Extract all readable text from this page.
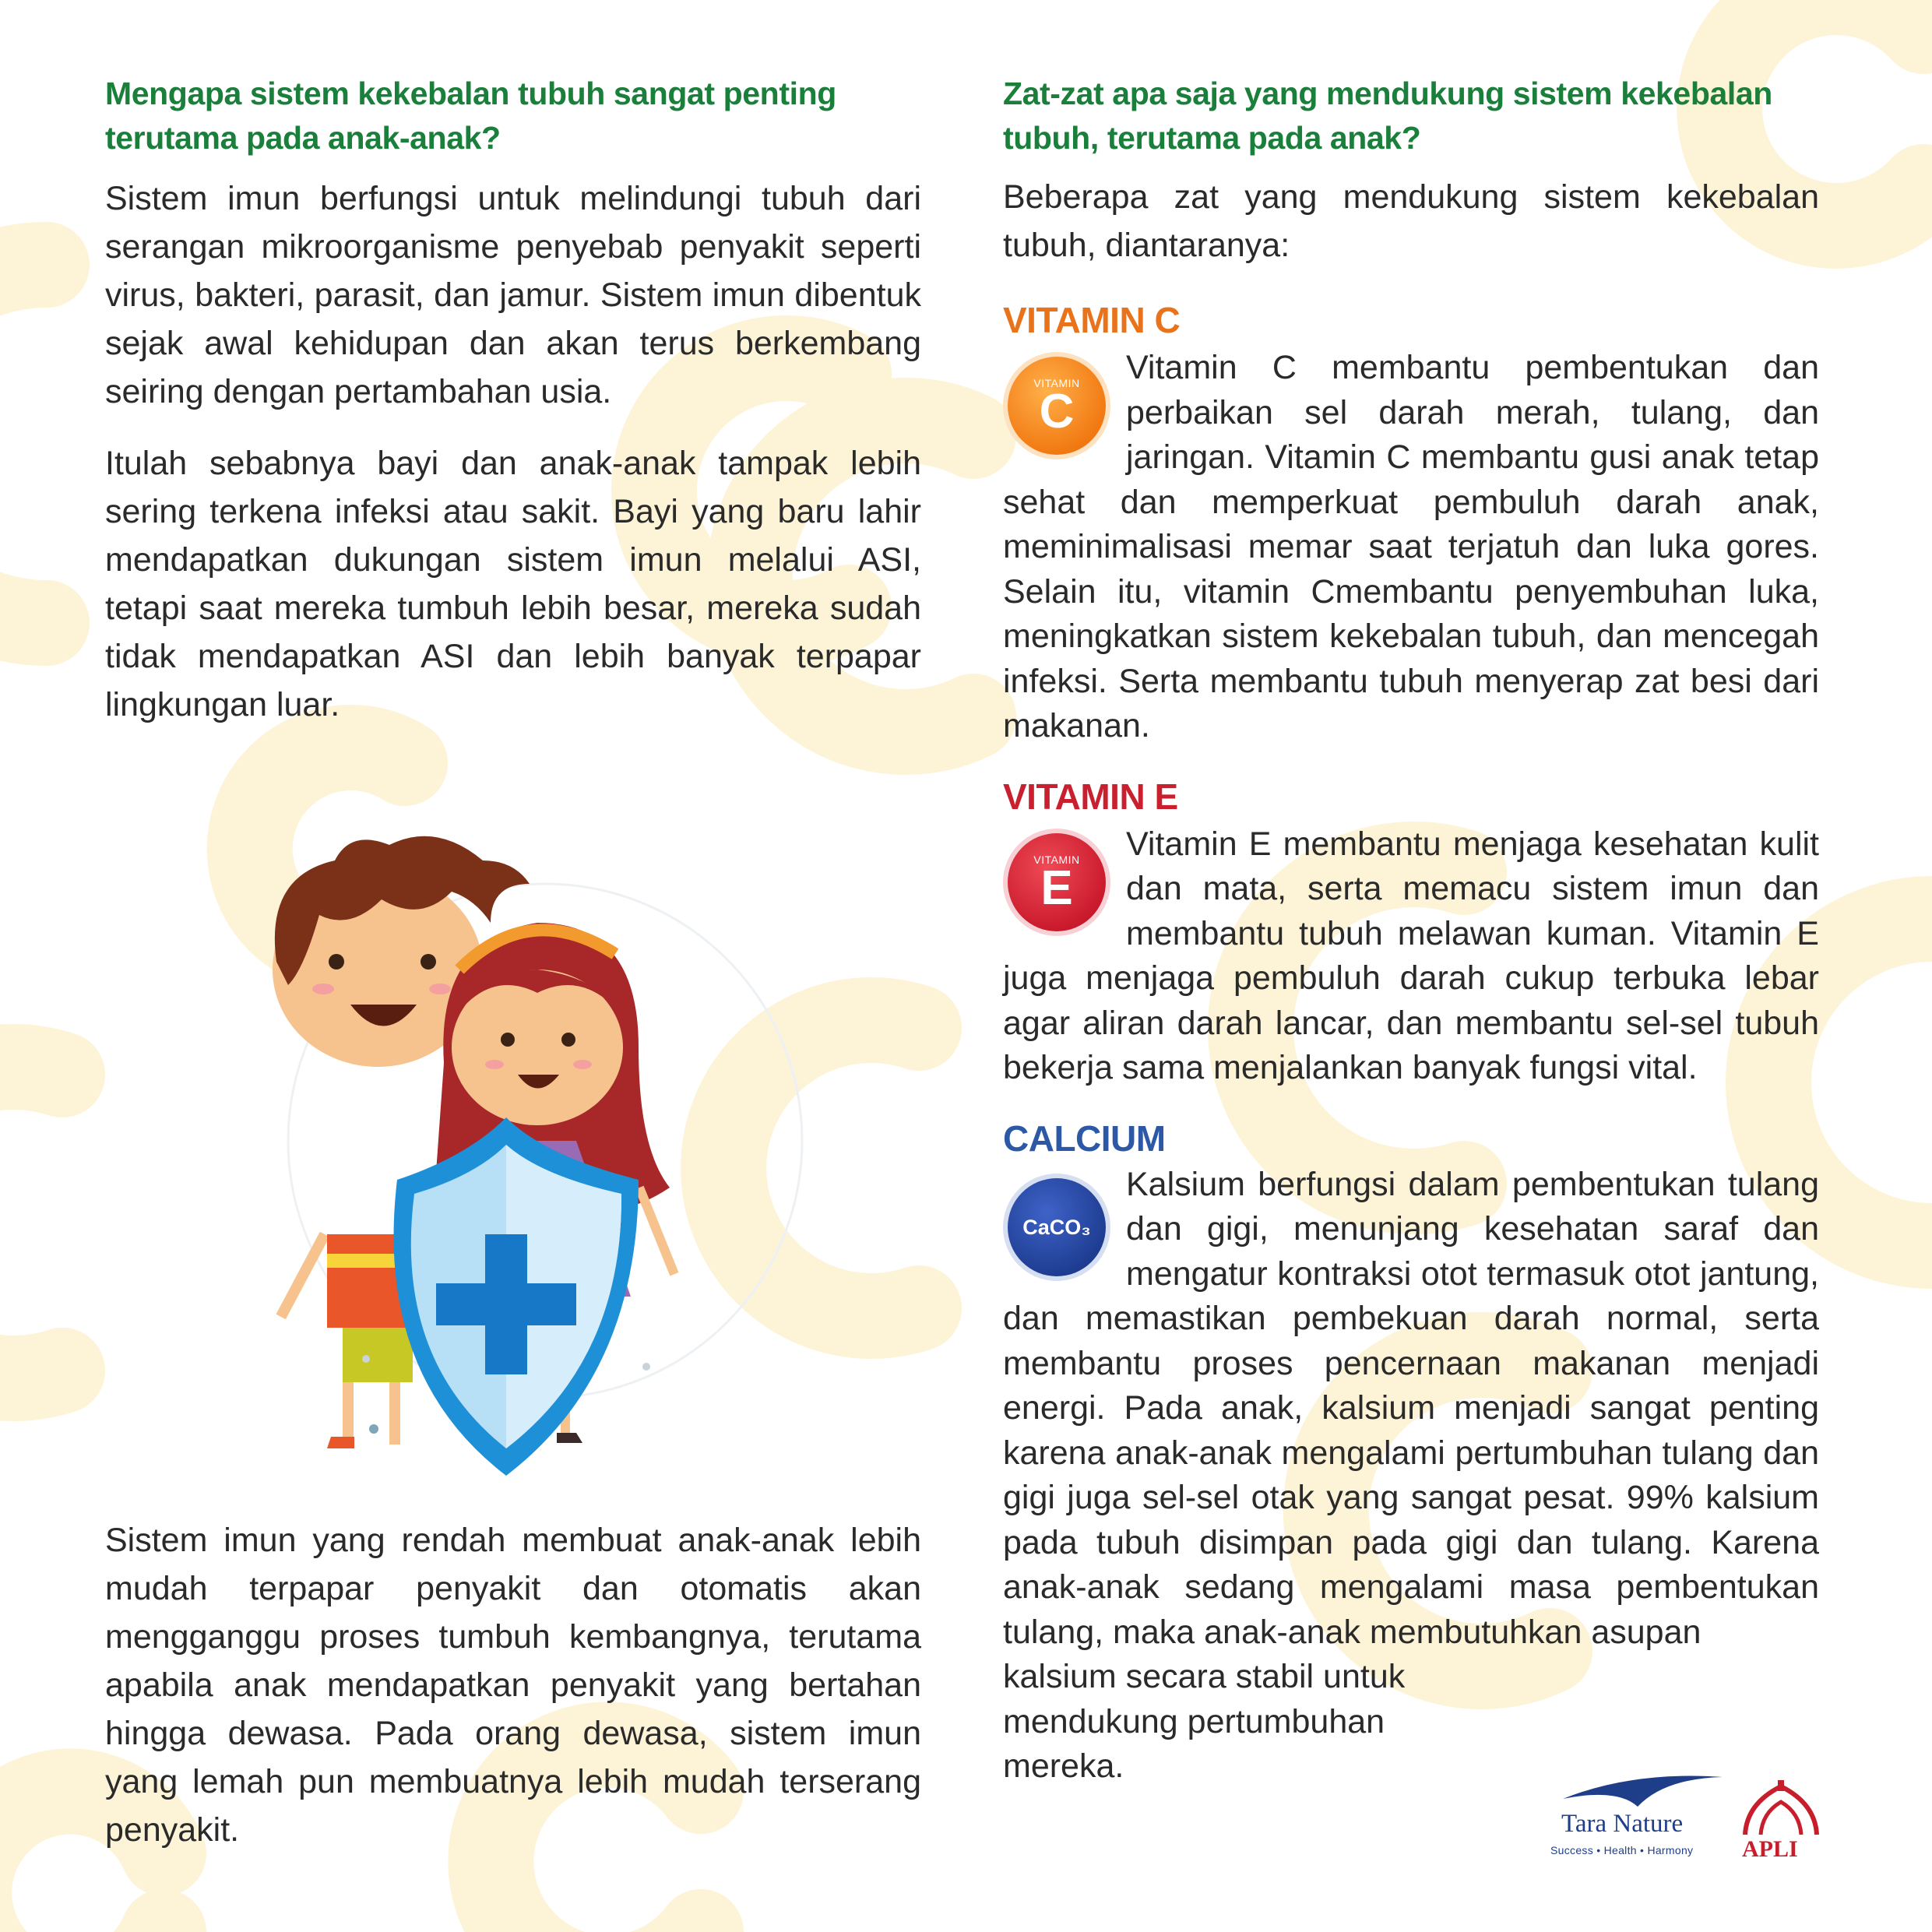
Mengapa sistem kekebalan tubuh sangat penting terutama pada anak-anak?

Sistem imun berfungsi untuk melindungi tubuh dari serangan mikroorganisme penyebab penyakit seperti virus, bakteri, parasit, dan jamur. Sistem imun dibentuk sejak awal kehidupan dan akan terus berkembang seiring dengan pertambahan usia.

Itulah sebabnya bayi dan anak-anak tampak lebih sering terkena infeksi atau sakit. Bayi yang baru lahir mendapatkan dukungan sistem imun melalui ASI, tetapi saat mereka tumbuh lebih besar, mereka sudah tidak mendapatkan ASI dan lebih banyak terpapar lingkungan luar.

Sistem imun yang rendah membuat anak-anak lebih mudah terpapar penyakit dan otomatis akan mengganggu proses tumbuh kembangnya, terutama apabila anak mendapatkan penyakit yang bertahan hingga dewasa. Pada orang dewasa, sistem imun yang lemah pun membuatnya lebih mudah terserang penyakit.

Zat-zat apa saja yang mendukung sistem kekebalan tubuh, terutama pada anak?

Beberapa zat yang mendukung sistem kekebalan tubuh, diantaranya:

VITAMIN C

VITAMIN
C

Vitamin C membantu pembentukan dan perbaikan sel darah merah, tulang, dan jaringan. Vitamin C membantu gusi anak tetap sehat dan memperkuat pembuluh darah anak, meminimalisasi memar saat terjatuh dan luka gores. Selain itu, vitamin Cmembantu penyembuhan luka, meningkatkan sistem kekebalan tubuh, dan mencegah infeksi. Serta membantu tubuh menyerap zat besi dari makanan.

VITAMIN E

VITAMIN
E

Vitamin E membantu menjaga kesehatan kulit dan mata, serta memacu sistem imun dan membantu tubuh melawan kuman. Vitamin E juga menjaga pembuluh darah cukup terbuka lebar agar aliran darah lancar, dan membantu sel-sel tubuh bekerja sama menjalankan banyak fungsi vital.

CALCIUM

CaCO₃

Kalsium berfungsi dalam pembentukan tulang dan gigi, menunjang kesehatan saraf dan mengatur kontraksi otot termasuk otot jantung, dan memastikan pembekuan darah normal, serta membantu proses pencernaan makanan menjadi energi. Pada anak, kalsium menjadi sangat penting karena anak-anak mengalami pertumbuhan tulang dan gigi juga sel-sel otak yang sangat pesat. 99% kalsium pada tubuh disimpan pada gigi dan tulang. Karena anak-anak sedang mengalami masa pembentukan tulang, maka anak-anak membutuhkan asupan

kalsium secara stabil untuk mendukung pertumbuhan mereka.

Tara Nature
Success • Health • Harmony APLI
